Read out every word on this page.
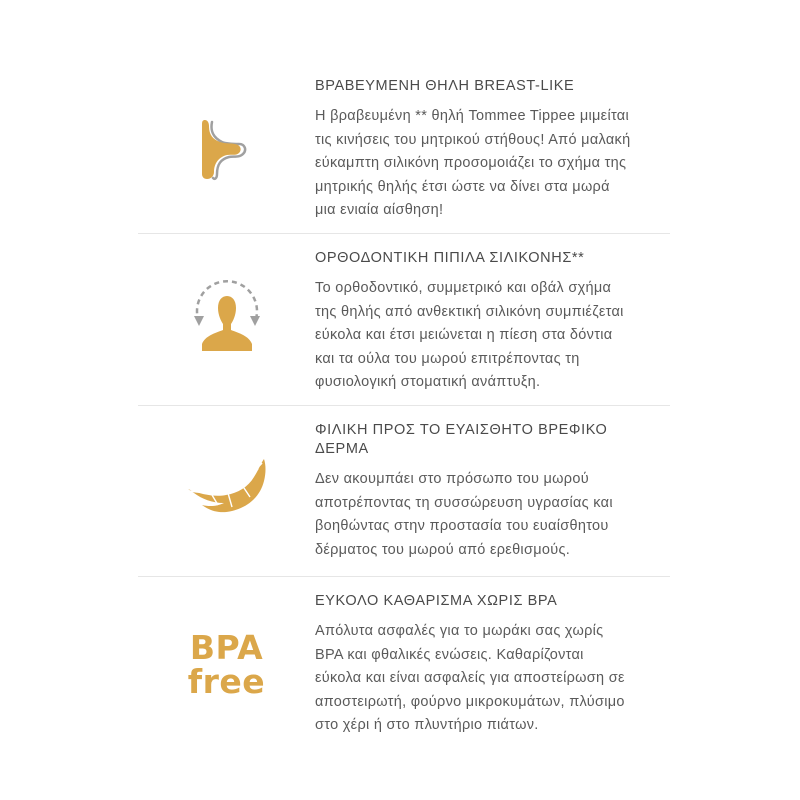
ΒΡΑΒΕΥΜΕΝΗ ΘΗΛΗ BREAST-LIKE

Η βραβευμένη ** θηλή Tommee Tippee μιμείται
τις κινήσεις του μητρικού στήθους! Από μαλακή
εύκαμπτη σιλικόνη προσομοιάζει το σχήμα της
μητρικής θηλής έτσι ώστε να δίνει στα μωρά
μια ενιαία αίσθηση!

ΟΡΘΟΔΟΝΤΙΚΗ ΠΙΠΙΛΑ ΣΙΛΙΚΟΝΗΣ**

Το ορθοδοντικό, συμμετρικό και οβάλ σχήμα
της θηλής από ανθεκτική σιλικόνη συμπιέζεται
εύκολα και έτσι μειώνεται η πίεση στα δόντια
και τα ούλα του μωρού επιτρέποντας τη
φυσιολογική στοματική ανάπτυξη.

ΦΙΛΙΚΗ ΠΡΟΣ ΤΟ ΕΥΑΙΣΘΗΤΟ ΒΡΕΦΙΚΟ
ΔΕΡΜΑ

Δεν ακουμπάει στο πρόσωπο του μωρού
αποτρέποντας τη συσσώρευση υγρασίας και
βοηθώντας στην προστασία του ευαίσθητου
δέρματος του μωρού από ερεθισμούς.

BPA
free
ΕΥΚΟΛΟ ΚΑΘΑΡΙΣΜΑ ΧΩΡΙΣ BPA

Απόλυτα ασφαλές για το μωράκι σας χωρίς
BPA και φθαλικές ενώσεις. Καθαρίζονται
εύκολα και είναι ασφαλείς για αποστείρωση σε
αποστειρωτή, φούρνο μικροκυμάτων, πλύσιμο
στο χέρι ή στο πλυντήριο πιάτων.
